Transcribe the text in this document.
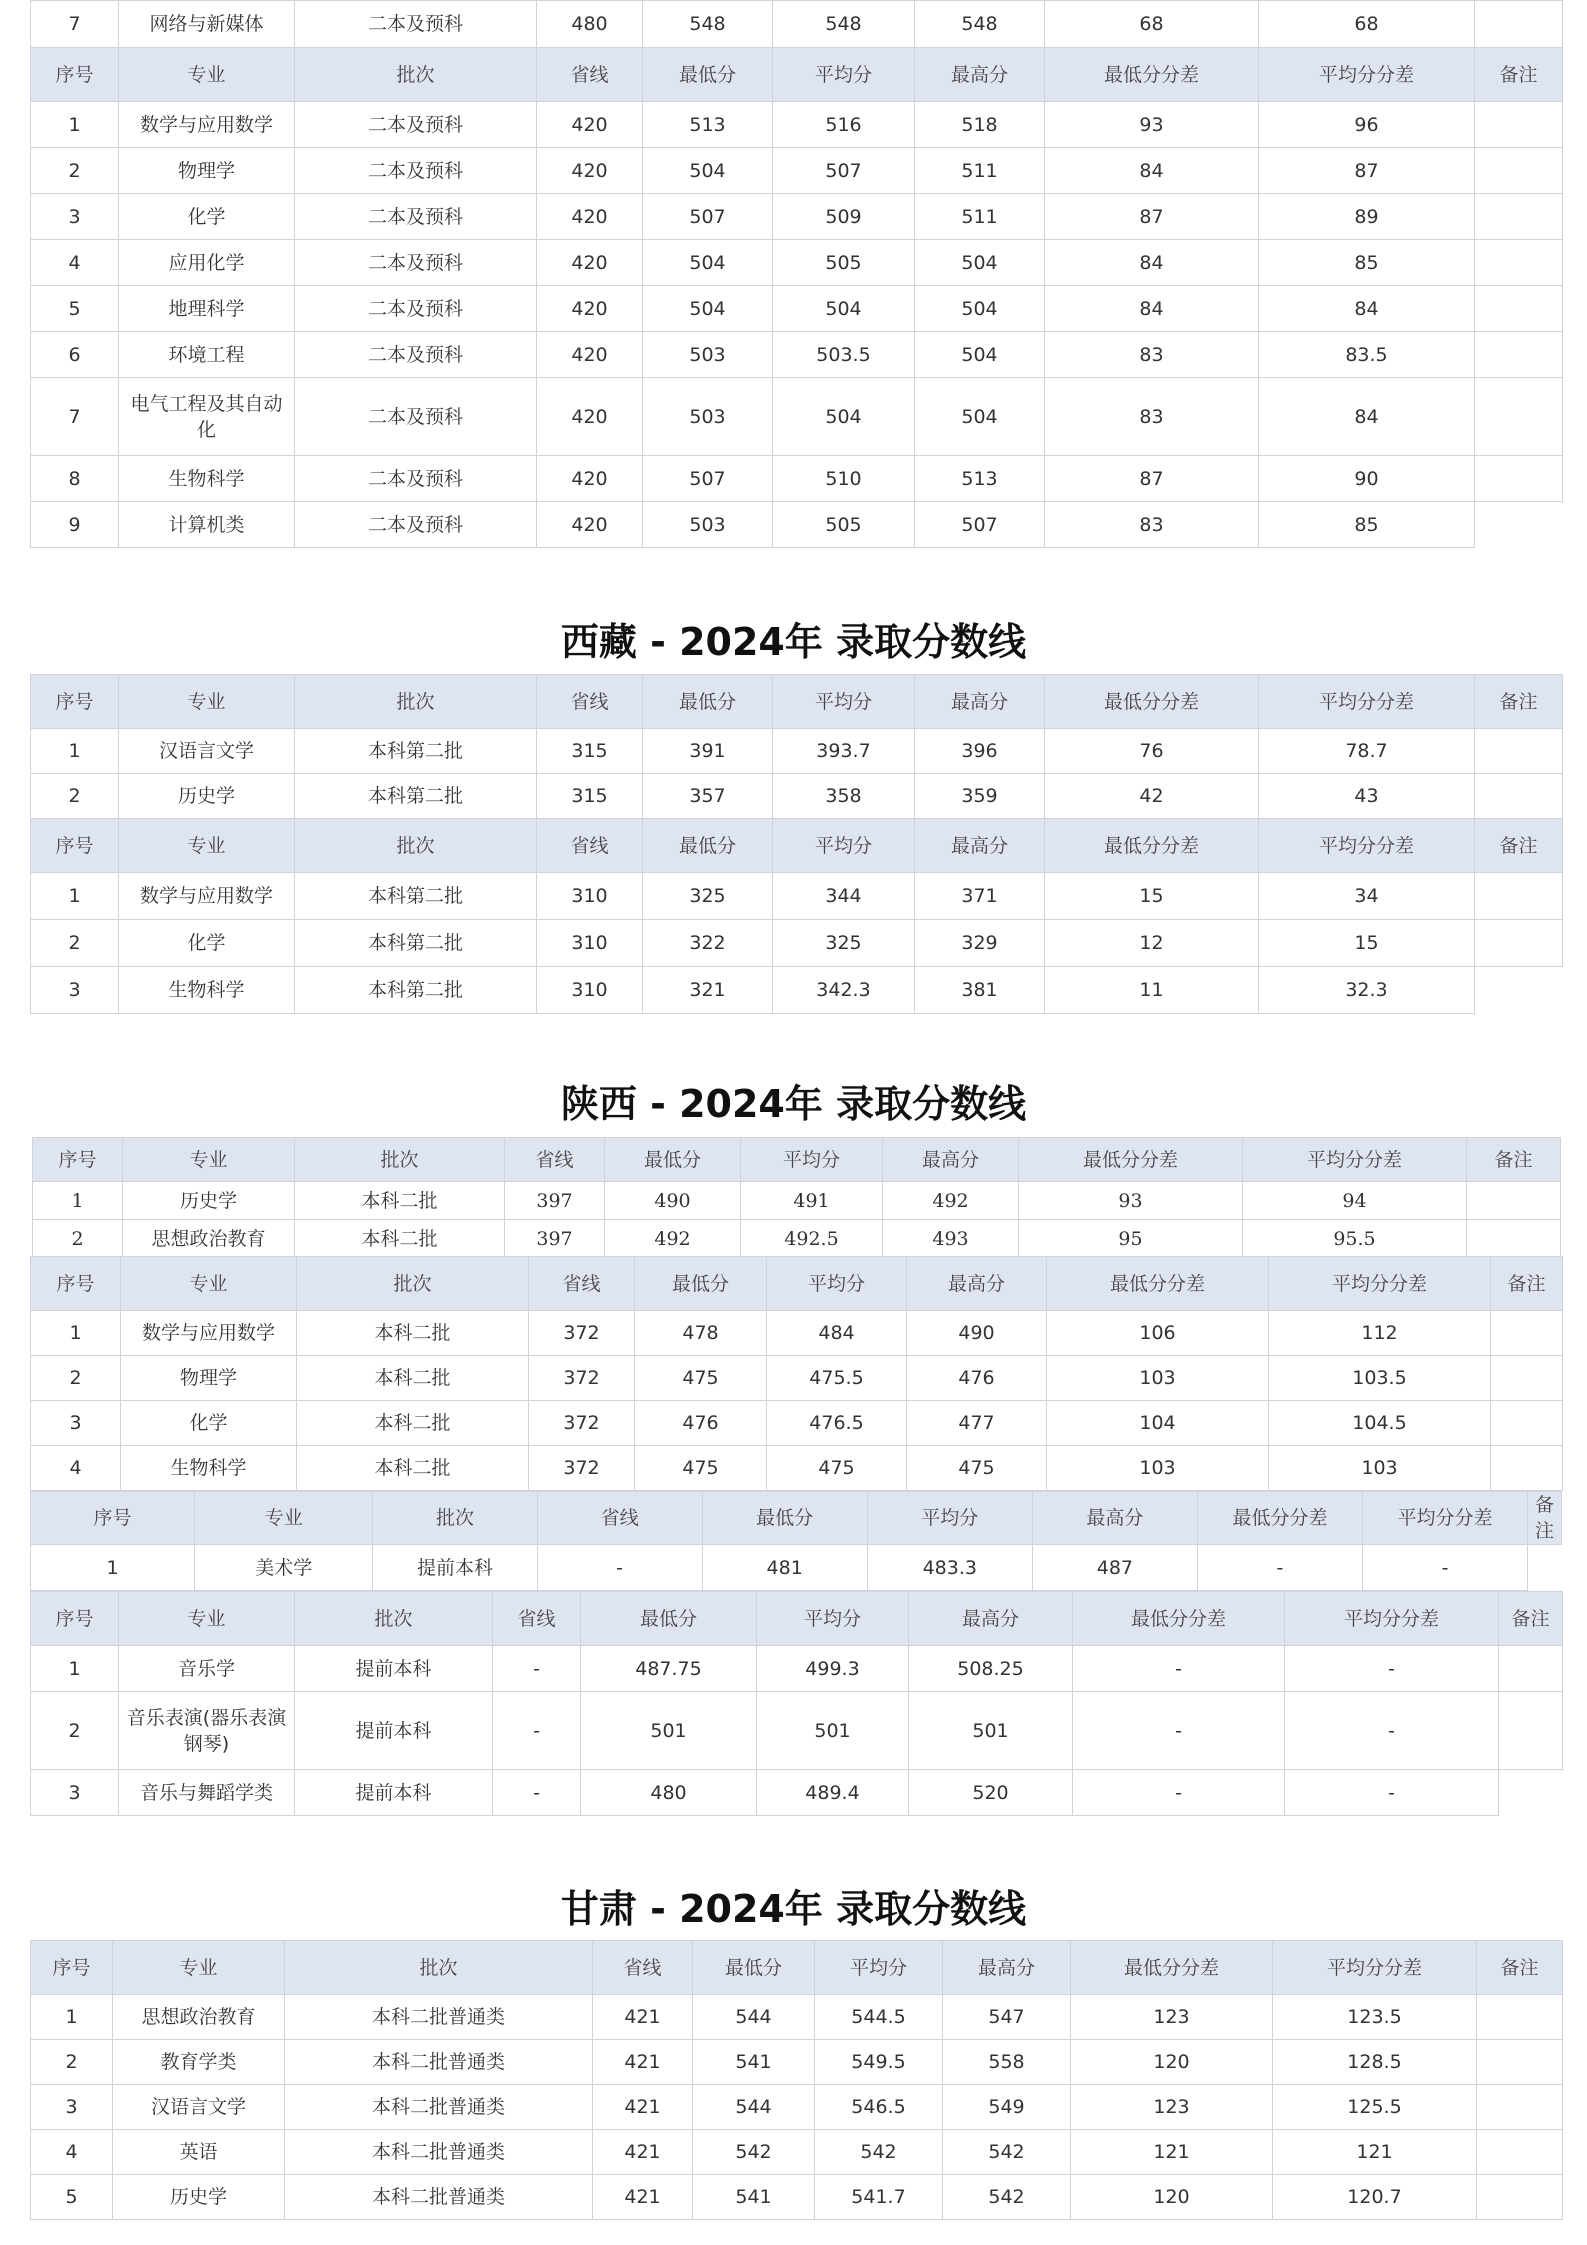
7	网络与新媒体	二本及预科	480	548	548	548	68	68	
序号	专业	批次	省线	最低分	平均分	最高分	最低分分差	平均分分差	备注
1	数学与应用数学	二本及预科	420	513	516	518	93	96	
2	物理学	二本及预科	420	504	507	511	84	87	
3	化学	二本及预科	420	507	509	511	87	89	
4	应用化学	二本及预科	420	504	505	504	84	85	
5	地理科学	二本及预科	420	504	504	504	84	84	
6	环境工程	二本及预科	420	503	503.5	504	83	83.5	
7	电气工程及其自动化	二本及预科	420	503	504	504	83	84	
8	生物科学	二本及预科	420	507	510	513	87	90	
9	计算机类	二本及预科	420	503	505	507	83	85	
西藏 - 2024年 录取分数线
序号	专业	批次	省线	最低分	平均分	最高分	最低分分差	平均分分差	备注
1	汉语言文学	本科第二批	315	391	393.7	396	76	78.7	
2	历史学	本科第二批	315	357	358	359	42	43	
序号	专业	批次	省线	最低分	平均分	最高分	最低分分差	平均分分差	备注
1	数学与应用数学	本科第二批	310	325	344	371	15	34	
2	化学	本科第二批	310	322	325	329	12	15	
3	生物科学	本科第二批	310	321	342.3	381	11	32.3	
陕西 - 2024年 录取分数线
序号	专业	批次	省线	最低分	平均分	最高分	最低分分差	平均分分差	备注
1	历史学	本科二批	397	490	491	492	93	94	
2	思想政治教育	本科二批	397	492	492.5	493	95	95.5	
序号	专业	批次	省线	最低分	平均分	最高分	最低分分差	平均分分差	备注
1	数学与应用数学	本科二批	372	478	484	490	106	112	
2	物理学	本科二批	372	475	475.5	476	103	103.5	
3	化学	本科二批	372	476	476.5	477	104	104.5	
4	生物科学	本科二批	372	475	475	475	103	103	
序号	专业	批次	省线	最低分	平均分	最高分	最低分分差	平均分分差	备注
1	美术学	提前本科	-	481	483.3	487	-	-	
序号	专业	批次	省线	最低分	平均分	最高分	最低分分差	平均分分差	备注
1	音乐学	提前本科	-	487.75	499.3	508.25	-	-	
2	音乐表演(器乐表演钢琴)	提前本科	-	501	501	501	-	-	
3	音乐与舞蹈学类	提前本科	-	480	489.4	520	-	-	
甘肃 - 2024年 录取分数线
序号	专业	批次	省线	最低分	平均分	最高分	最低分分差	平均分分差	备注
1	思想政治教育	本科二批普通类	421	544	544.5	547	123	123.5	
2	教育学类	本科二批普通类	421	541	549.5	558	120	128.5	
3	汉语言文学	本科二批普通类	421	544	546.5	549	123	125.5	
4	英语	本科二批普通类	421	542	542	542	121	121	
5	历史学	本科二批普通类	421	541	541.7	542	120	120.7	
